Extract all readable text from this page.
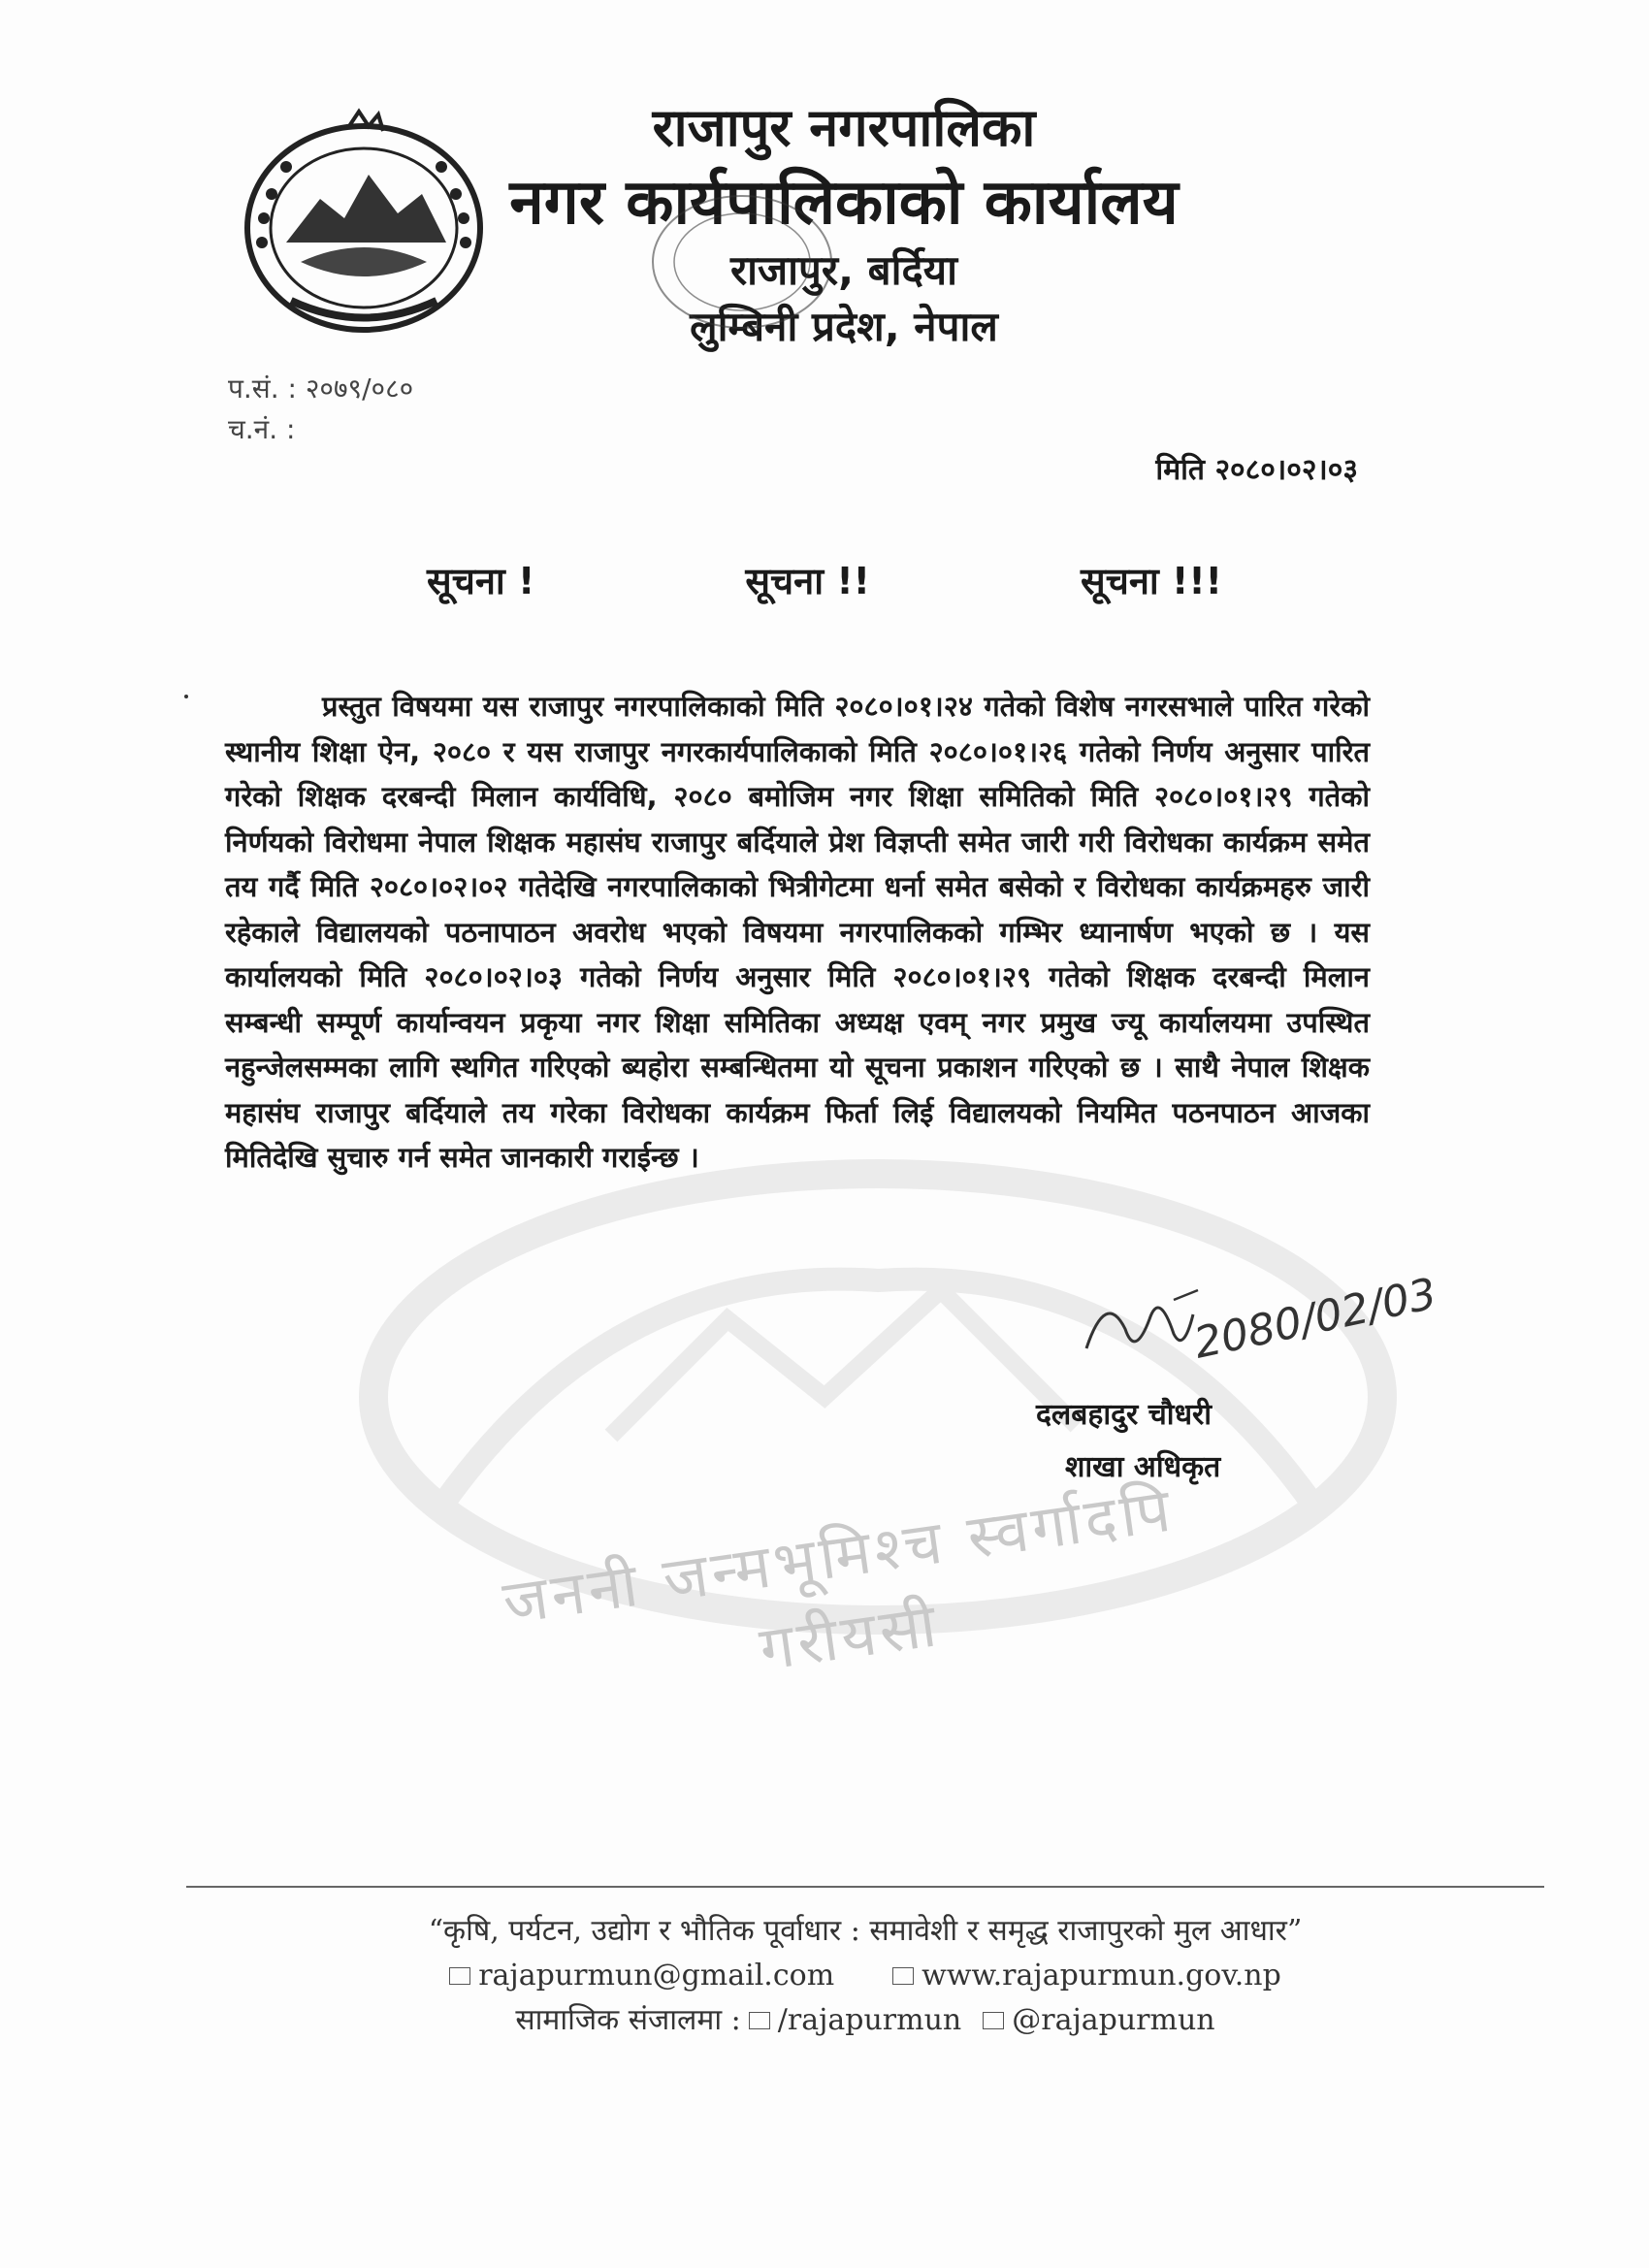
जननी जन्मभूमिश्च स्वर्गादपि गरीयसी

राजापुर नगरपालिका

नगर कार्यपालिकाको कार्यालय

राजापुर, बर्दिया

लुम्बिनी प्रदेश, नेपाल

प.सं. : २०७९/०८०
च.नं. :
मिति २०८०।०२।०३
सूचना !	सूचना !!	सूचना !!!

प्रस्तुत विषयमा यस राजापुर नगरपालिकाको मिति २०८०।०१।२४ गतेको विशेष नगरसभाले पारित गरेको स्थानीय शिक्षा ऐन, २०८० र यस राजापुर नगरकार्यपालिकाको मिति २०८०।०१।२६ गतेको निर्णय अनुसार पारित गरेको शिक्षक दरबन्दी मिलान कार्यविधि, २०८० बमोजिम नगर शिक्षा समितिको मिति २०८०।०१।२९ गतेको निर्णयको विरोधमा नेपाल शिक्षक महासंघ राजापुर बर्दियाले प्रेश विज्ञप्ती समेत जारी गरी विरोधका कार्यक्रम समेत तय गर्दै मिति २०८०।०२।०२ गतेदेखि नगरपालिकाको भित्रीगेटमा धर्ना समेत बसेको र विरोधका कार्यक्रमहरु जारी रहेकाले विद्यालयको पठनापाठन अवरोध भएको विषयमा नगरपालिकको गम्भिर ध्यानार्षण भएको छ । यस कार्यालयको मिति २०८०।०२।०३ गतेको निर्णय अनुसार मिति २०८०।०१।२९ गतेको शिक्षक दरबन्दी मिलान सम्बन्धी सम्पूर्ण कार्यान्वयन प्रकृया नगर शिक्षा समितिका अध्यक्ष एवम् नगर प्रमुख ज्यू कार्यालयमा उपस्थित नहुन्जेलसम्मका लागि स्थगित गरिएको ब्यहोरा सम्बन्धितमा यो सूचना प्रकाशन गरिएको छ । साथै नेपाल शिक्षक महासंघ राजापुर बर्दियाले तय गरेका विरोधका कार्यक्रम फिर्ता लिई विद्यालयको नियमित पठनपाठन आजका मितिदेखि सुचारु गर्न समेत जानकारी गराईन्छ ।

2080/02/03
दलबहादुर चौधरी
शाखा अधिकृत
“कृषि, पर्यटन, उद्योग र भौतिक पूर्वाधार : समावेशी र समृद्ध राजापुरको मुल आधार”
rajapurmun@gmail.com	www.rajapurmun.gov.np
सामाजिक संजालमा : /rajapurmun @rajapurmun
